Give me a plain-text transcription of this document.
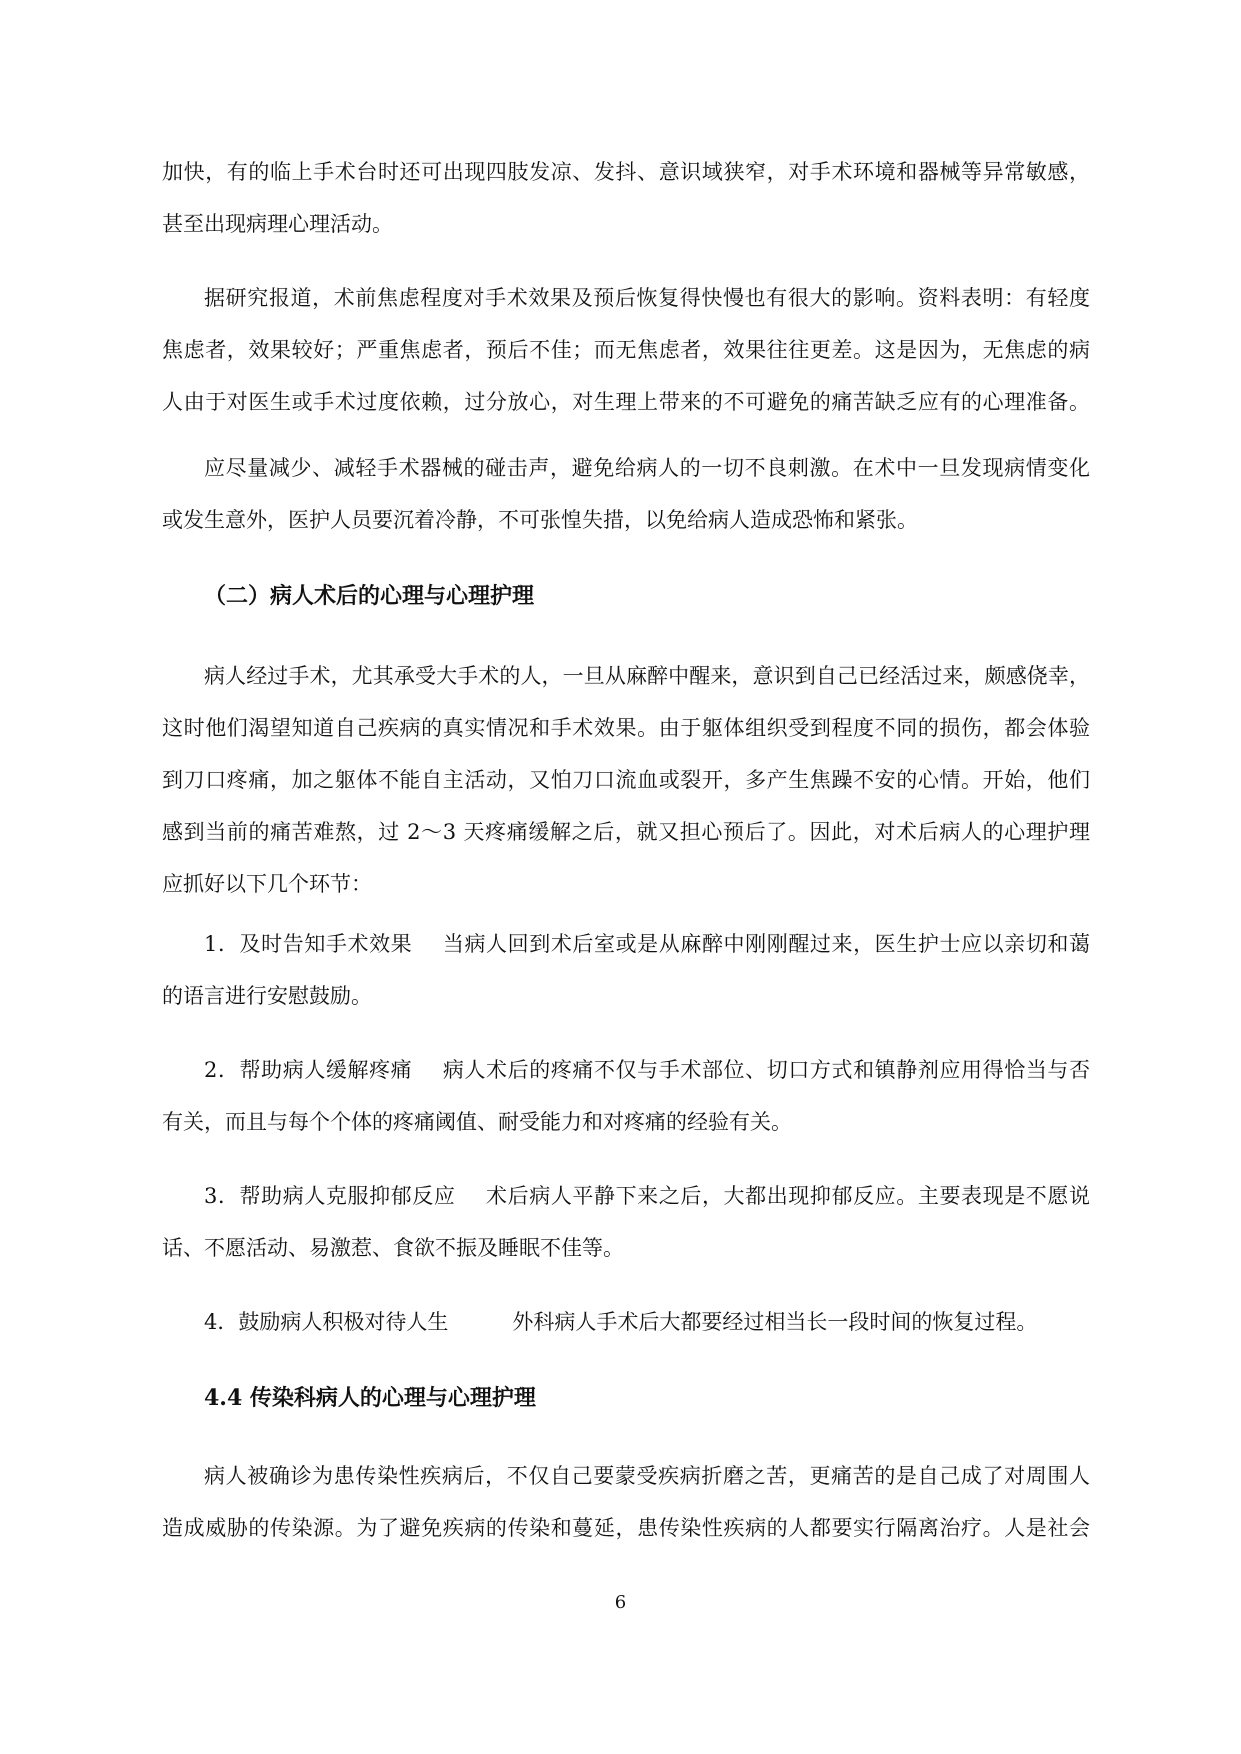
加快，有的临上手术台时还可出现四肢发凉、发抖、意识域狭窄，对手术环境和器械等异常敏感，
甚至出现病理心理活动。
据研究报道，术前焦虑程度对手术效果及预后恢复得快慢也有很大的影响。资料表明：有轻度
焦虑者，效果较好；严重焦虑者，预后不佳；而无焦虑者，效果往往更差。这是因为，无焦虑的病
人由于对医生或手术过度依赖，过分放心，对生理上带来的不可避免的痛苦缺乏应有的心理准备。
应尽量减少、减轻手术器械的碰击声，避免给病人的一切不良刺激。在术中一旦发现病情变化
或发生意外，医护人员要沉着冷静，不可张惶失措，以免给病人造成恐怖和紧张。
（二）病人术后的心理与心理护理
病人经过手术，尤其承受大手术的人，一旦从麻醉中醒来，意识到自己已经活过来，颇感侥幸，
这时他们渴望知道自己疾病的真实情况和手术效果。由于躯体组织受到程度不同的损伤，都会体验
到刀口疼痛，加之躯体不能自主活动，又怕刀口流血或裂开，多产生焦躁不安的心情。开始，他们
感到当前的痛苦难熬，过 2～3 天疼痛缓解之后，就又担心预后了。因此，对术后病人的心理护理
应抓好以下几个环节：
1．及时告知手术效果 当病人回到术后室或是从麻醉中刚刚醒过来，医生护士应以亲切和蔼
的语言进行安慰鼓励。
2．帮助病人缓解疼痛 病人术后的疼痛不仅与手术部位、切口方式和镇静剂应用得恰当与否
有关，而且与每个个体的疼痛阈值、耐受能力和对疼痛的经验有关。
3．帮助病人克服抑郁反应 术后病人平静下来之后，大都出现抑郁反应。主要表现是不愿说
话、不愿活动、易激惹、食欲不振及睡眠不佳等。
4．鼓励病人积极对待人生	外科病人手术后大都要经过相当长一段时间的恢复过程。
4.4 传染科病人的心理与心理护理
病人被确诊为患传染性疾病后，不仅自己要蒙受疾病折磨之苦，更痛苦的是自己成了对周围人
造成威胁的传染源。为了避免疾病的传染和蔓延，患传染性疾病的人都要实行隔离治疗。人是社会
6
